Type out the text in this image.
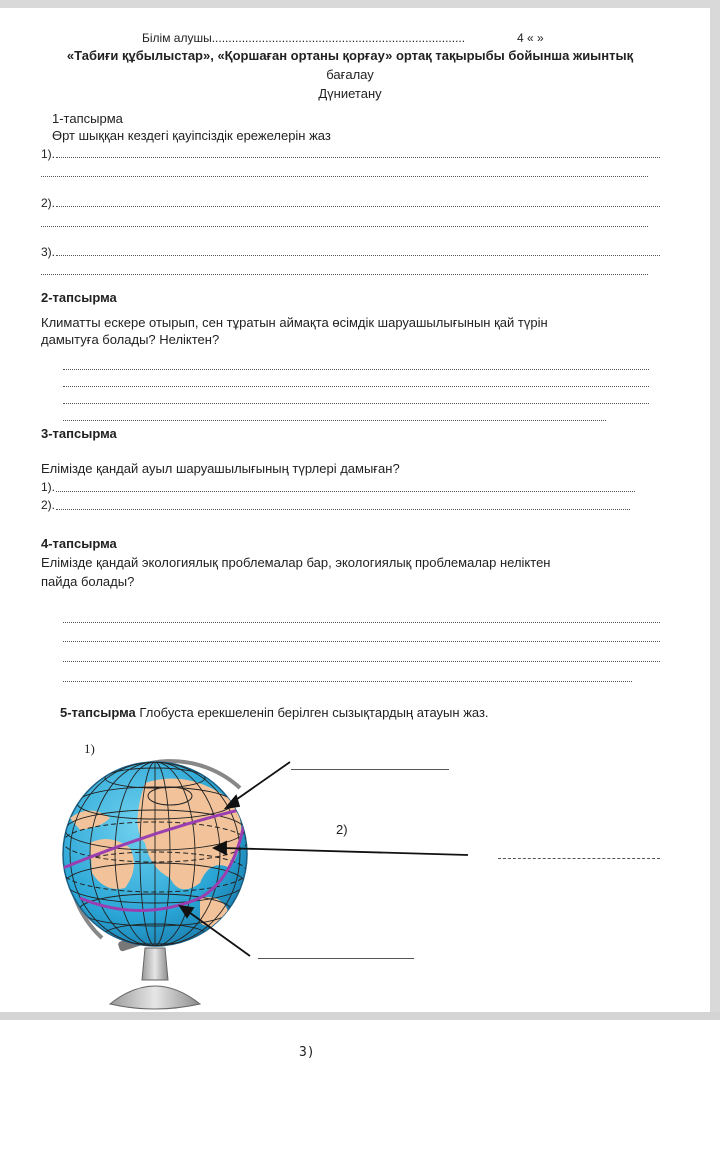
Білім алушы............................................................................	4 « »
«Табиғи құбылыстар», «Қоршаған ортаны қорғау» ортақ тақырыбы бойынша жиынтық
бағалау
Дүниетану
1-тапсырма
Өрт шыққан кездегі қауіпсіздік ережелерін жаз
1).
2).
3).
2-тапсырма
Климатты ескере отырып, сен тұратын аймақта өсімдік шаруашылығынын қай түрін
дамытуға болады? Неліктен?
3-тапсырма
Елімізде қандай ауыл шаруашылығының түрлері дамыған?
1).
2).
4-тапсырма
Елімізде қандай экологиялық проблемалар бар, экологиялық проблемалар неліктен
пайда болады?
5-тапсырма Глобуста ерекшеленіп берілген сызықтардың атауын жаз.
1)
2)
3)
